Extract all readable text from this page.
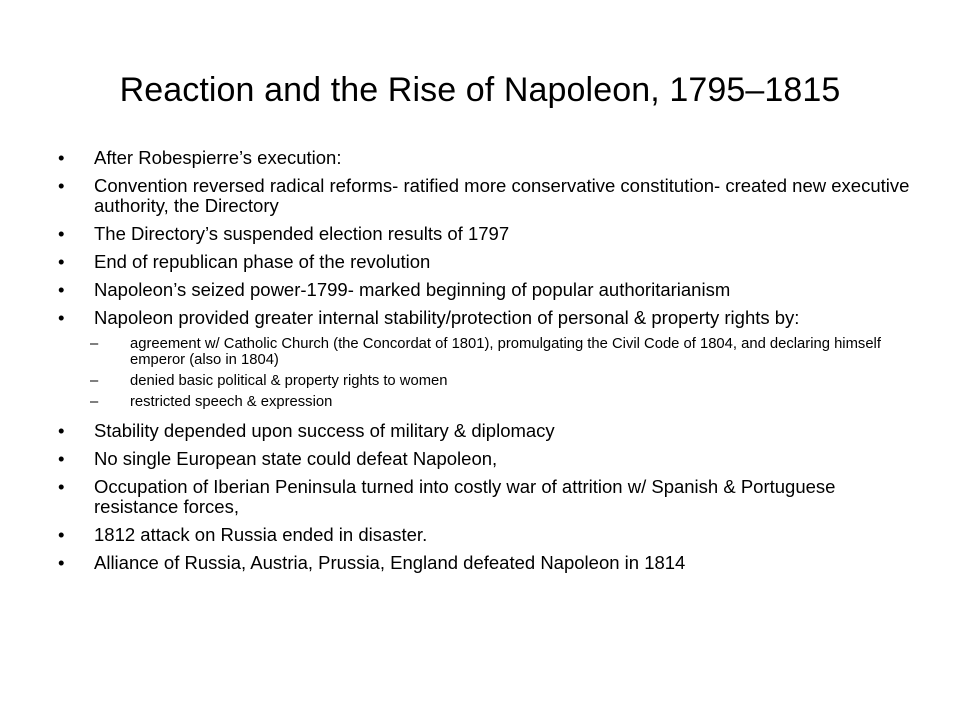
Reaction and the Rise of Napoleon, 1795–1815
• After Robespierre’s execution:
• Convention reversed radical reforms- ratified more conservative constitution- created new executive authority, the Directory
• The Directory’s suspended election results of 1797
• End of republican phase of the revolution
• Napoleon’s seized power-1799- marked beginning of popular authoritarianism
• Napoleon provided greater internal stability/protection of personal & property rights by:
– agreement w/ Catholic Church (the Concordat of 1801), promulgating the Civil Code of 1804, and declaring himself emperor (also in 1804)
– denied basic political & property rights to women
– restricted speech & expression
• Stability depended upon success of military & diplomacy
• No single European state could defeat Napoleon,
• Occupation of Iberian Peninsula turned into costly war of attrition w/ Spanish & Portuguese resistance forces,
• 1812 attack on Russia ended in disaster.
• Alliance of Russia, Austria, Prussia, England defeated Napoleon in 1814
